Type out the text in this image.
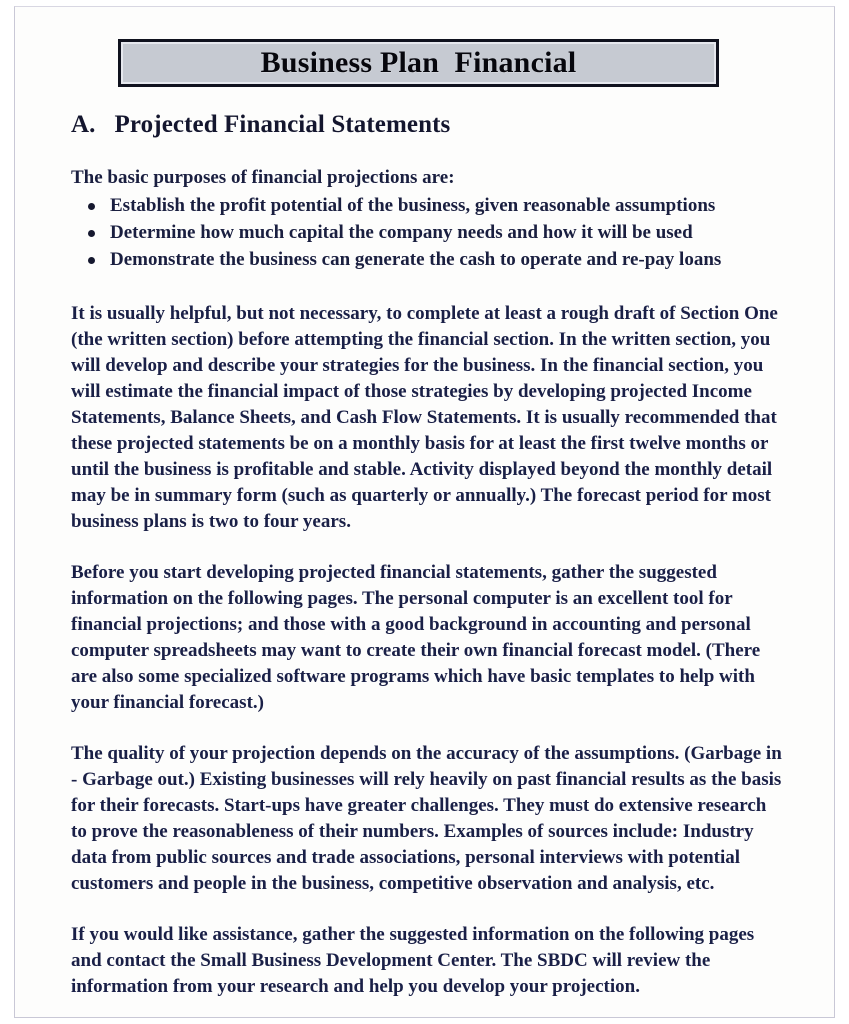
Business Plan  Financial
A.   Projected Financial Statements

The basic purposes of financial projections are:

Establish the profit potential of the business, given reasonable assumptions
Determine how much capital the company needs and how it will be used
Demonstrate the business can generate the cash to operate and re-pay loans

It is usually helpful, but not necessary, to complete at least a rough draft of Section One (the written section) before attempting the financial section. In the written section, you will develop and describe your strategies for the business. In the financial section, you will estimate the financial impact of those strategies by developing projected Income Statements, Balance Sheets, and Cash Flow Statements. It is usually recommended that these projected statements be on a monthly basis for at least the first twelve months or until the business is profitable and stable. Activity displayed beyond the monthly detail may be in summary form (such as quarterly or annually.) The forecast period for most business plans is two to four years.

Before you start developing projected financial statements, gather the suggested information on the following pages. The personal computer is an excellent tool for financial projections; and those with a good background in accounting and personal computer spreadsheets may want to create their own financial forecast model. (There are also some specialized software programs which have basic templates to help with your financial forecast.)

The quality of your projection depends on the accuracy of the assumptions. (Garbage in - Garbage out.) Existing businesses will rely heavily on past financial results as the basis for their forecasts. Start-ups have greater challenges. They must do extensive research to prove the reasonableness of their numbers. Examples of sources include: Industry data from public sources and trade associations, personal interviews with potential customers and people in the business, competitive observation and analysis, etc.

If you would like assistance, gather the suggested information on the following pages and contact the Small Business Development Center. The SBDC will review the information from your research and help you develop your projection.
